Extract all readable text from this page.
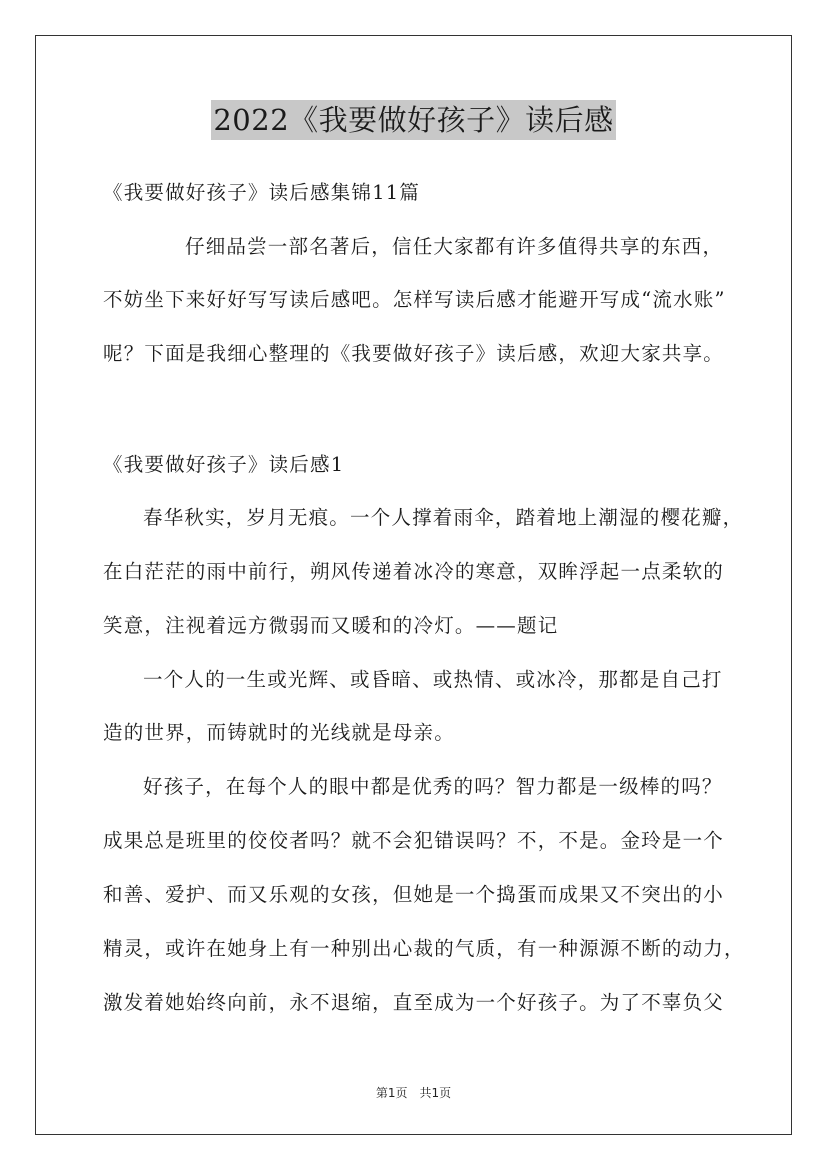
2022《我要做好孩子》读后感
《我要做好孩子》读后感集锦11篇
仔细品尝一部名著后，信任大家都有许多值得共享的东西，
不妨坐下来好好写写读后感吧。怎样写读后感才能避开写成“流水账”
呢？下面是我细心整理的《我要做好孩子》读后感，欢迎大家共享。
《我要做好孩子》读后感1
春华秋实，岁月无痕。一个人撑着雨伞，踏着地上潮湿的樱花瓣，
在白茫茫的雨中前行，朔风传递着冰冷的寒意，双眸浮起一点柔软的
笑意，注视着远方微弱而又暖和的冷灯。——题记
一个人的一生或光辉、或昏暗、或热情、或冰冷，那都是自己打
造的世界，而铸就时的光线就是母亲。
好孩子，在每个人的眼中都是优秀的吗？智力都是一级棒的吗？
成果总是班里的佼佼者吗？就不会犯错误吗？不，不是。金玲是一个
和善、爱护、而又乐观的女孩，但她是一个捣蛋而成果又不突出的小
精灵，或许在她身上有一种别出心裁的气质，有一种源源不断的动力，
激发着她始终向前，永不退缩，直至成为一个好孩子。为了不辜负父
第1页　共1页
